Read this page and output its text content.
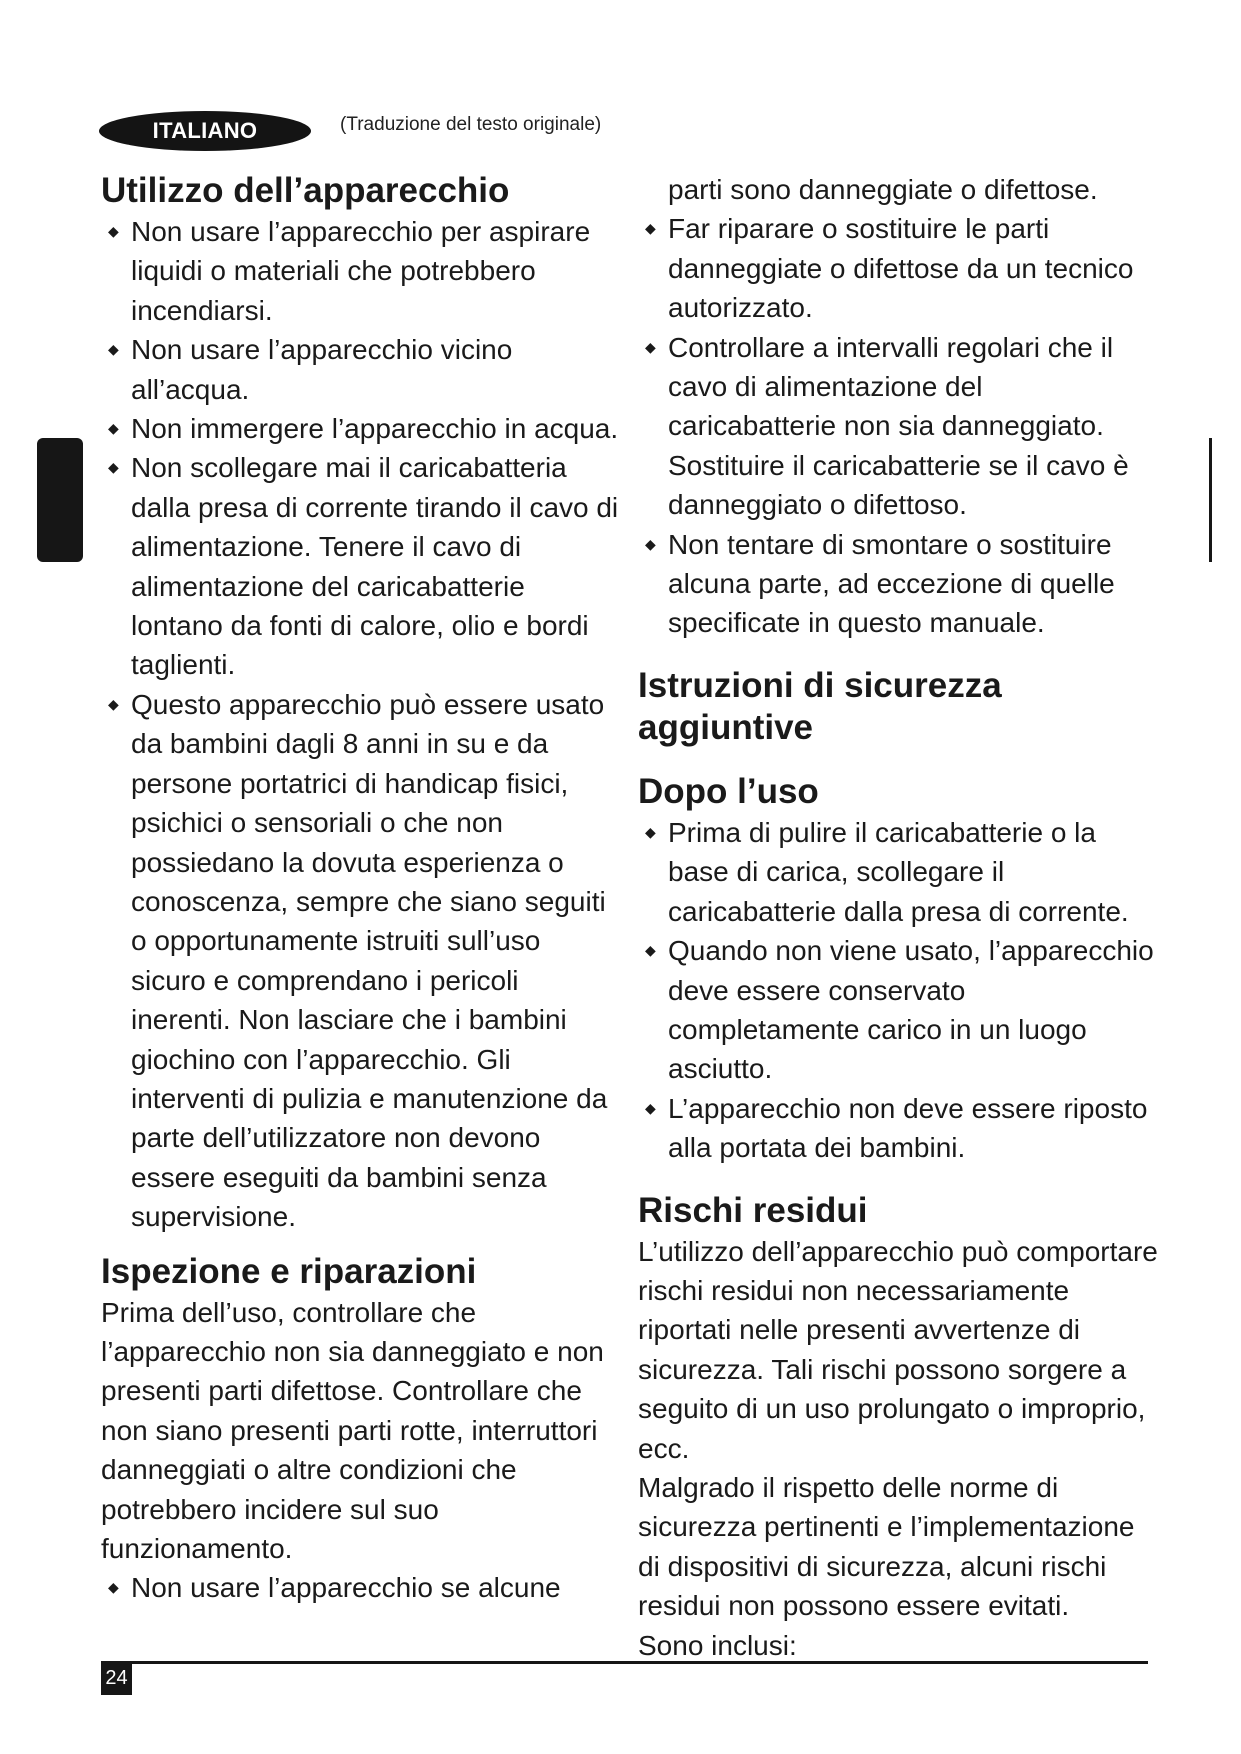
ITALIANO	(Traduzione del testo originale)
Utilizzo dell’apparecchio
◆ Non usare l’apparecchio per aspirare liquidi o materiali che potrebbero incendiarsi.
◆ Non usare l’apparecchio vicino all’acqua.
◆ Non immergere l’apparecchio in acqua.
◆ Non scollegare mai il caricabatteria dalla presa di corrente tirando il cavo di alimentazione. Tenere il cavo di alimentazione del caricabatterie lontano da fonti di calore, olio e bordi taglienti.
◆ Questo apparecchio può essere usato da bambini dagli 8 anni in su e da persone portatrici di handicap fisici, psichici o sensoriali o che non possiedano la dovuta esperienza o conoscenza, sempre che siano seguiti o opportunamente istruiti sull’uso sicuro e comprendano i pericoli inerenti. Non lasciare che i bambini giochino con l’apparecchio. Gli interventi di pulizia e manutenzione da parte dell’utilizzatore non devono essere eseguiti da bambini senza supervisione.
Ispezione e riparazioni

Prima dell’uso, controllare che l’apparecchio non sia danneggiato e non presenti parti difettose. Controllare che non siano presenti parti rotte, interruttori danneggiati o altre condizioni che potrebbero incidere sul suo funzionamento.

◆ Non usare l’apparecchio se alcune
parti sono danneggiate o difettose.
◆ Far riparare o sostituire le parti danneggiate o difettose da un tecnico autorizzato.
◆ Controllare a intervalli regolari che il cavo di alimentazione del caricabatterie non sia danneggiato. Sostituire il caricabatterie se il cavo è danneggiato o difettoso.
◆ Non tentare di smontare o sostituire alcuna parte, ad eccezione di quelle specificate in questo manuale.
Istruzioni di sicurezza aggiuntive
Dopo l’uso
◆ Prima di pulire il caricabatterie o la base di carica, scollegare il caricabatterie dalla presa di corrente.
◆ Quando non viene usato, l’apparecchio deve essere conservato completamente carico in un luogo asciutto.
◆ L’apparecchio non deve essere riposto alla portata dei bambini.
Rischi residui

L’utilizzo dell’apparecchio può comportare rischi residui non necessariamente riportati nelle presenti avvertenze di sicurezza. Tali rischi possono sorgere a seguito di un uso prolungato o improprio, ecc.

Malgrado il rispetto delle norme di sicurezza pertinenti e l’implementazione di dispositivi di sicurezza, alcuni rischi residui non possono essere evitati.

Sono inclusi:

24
